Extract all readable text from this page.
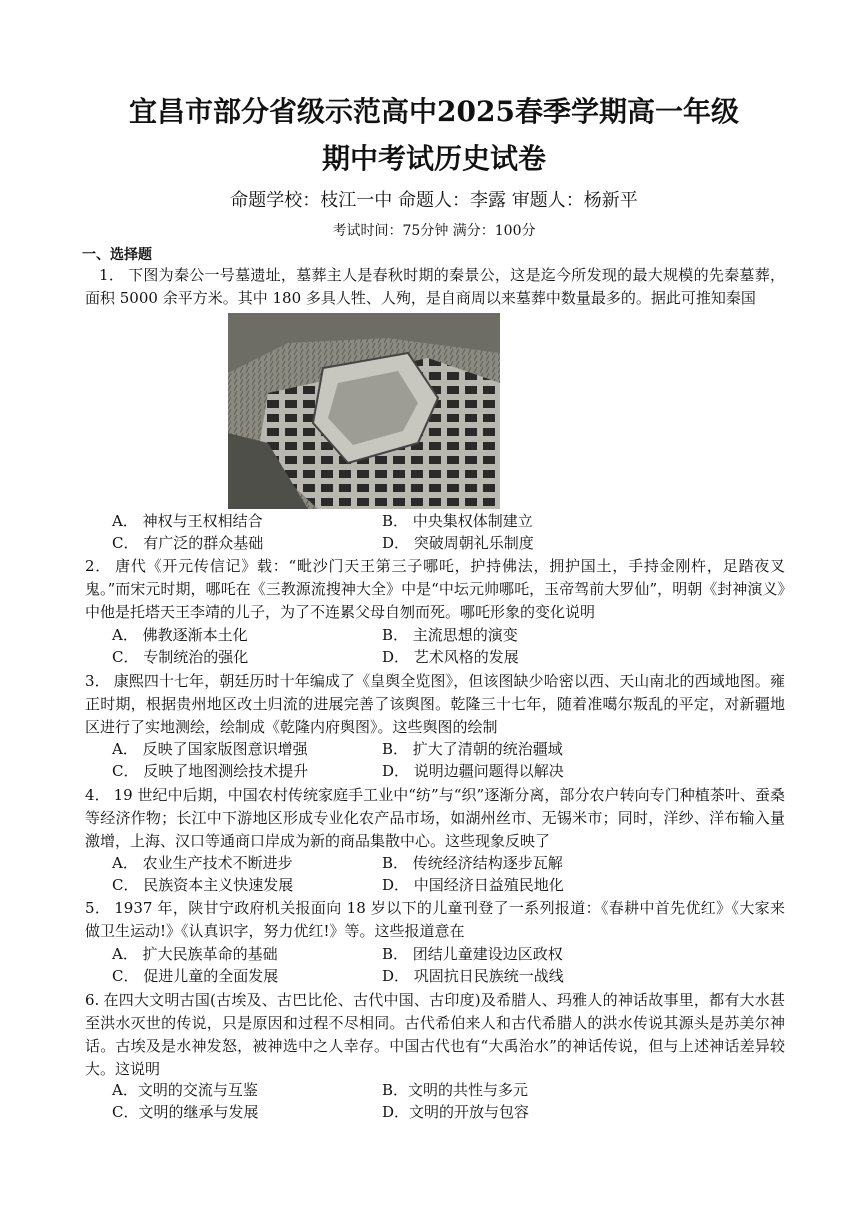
宜昌市部分省级示范高中2025春季学期高一年级
期中考试历史试卷
命题学校：枝江一中 命题人：李露 审题人：杨新平
考试时间：75分钟 满分：100分
一、选择题
1． 下图为秦公一号墓遗址，墓葬主人是春秋时期的秦景公，这是迄今所发现的最大规模的先秦墓葬，面积 5000 余平方米。其中 180 多具人牲、人殉，是自商周以来墓葬中数量最多的。据此可推知秦国
A． 神权与王权相结合	B． 中央集权体制建立
C． 有广泛的群众基础	D． 突破周朝礼乐制度
2． 唐代《开元传信记》载：“毗沙门天王第三子哪吒，护持佛法，拥护国土，手持金刚杵，足踏夜叉鬼。”而宋元时期，哪吒在《三教源流搜神大全》中是“中坛元帅哪吒，玉帝驾前大罗仙”，明朝《封神演义》中他是托塔天王李靖的儿子，为了不连累父母自刎而死。哪吒形象的变化说明
A． 佛教逐渐本土化	B． 主流思想的演变
C． 专制统治的强化	D． 艺术风格的发展
3． 康熙四十七年，朝廷历时十年编成了《皇舆全览图》，但该图缺少哈密以西、天山南北的西域地图。雍正时期，根据贵州地区改土归流的进展完善了该舆图。乾隆三十七年，随着准噶尔叛乱的平定，对新疆地区进行了实地测绘，绘制成《乾隆内府舆图》。这些舆图的绘制
A． 反映了国家版图意识增强	B． 扩大了清朝的统治疆域
C． 反映了地图测绘技术提升	D． 说明边疆问题得以解决
4． 19 世纪中后期，中国农村传统家庭手工业中“纺”与“织”逐渐分离，部分农户转向专门种植茶叶、蚕桑等经济作物；长江中下游地区形成专业化农产品市场，如湖州丝市、无锡米市；同时，洋纱、洋布输入量激增，上海、汉口等通商口岸成为新的商品集散中心。这些现象反映了
A． 农业生产技术不断进步	B． 传统经济结构逐步瓦解
C． 民族资本主义快速发展	D． 中国经济日益殖民地化
5． 1937 年，陕甘宁政府机关报面向 18 岁以下的儿童刊登了一系列报道：《春耕中首先优红》《大家来做卫生运动!》《认真识字，努力优红!》等。这些报道意在
A． 扩大民族革命的基础	B． 团结儿童建设边区政权
C． 促进儿童的全面发展	D． 巩固抗日民族统一战线
6. 在四大文明古国(古埃及、古巴比伦、古代中国、古印度)及希腊人、玛雅人的神话故事里，都有大水甚至洪水灭世的传说，只是原因和过程不尽相同。古代希伯来人和古代希腊人的洪水传说其源头是苏美尔神话。古埃及是水神发怒，被神选中之人幸存。中国古代也有“大禹治水”的神话传说，但与上述神话差异较大。这说明
A．文明的交流与互鉴	B．文明的共性与多元
C．文明的继承与发展	D．文明的开放与包容
